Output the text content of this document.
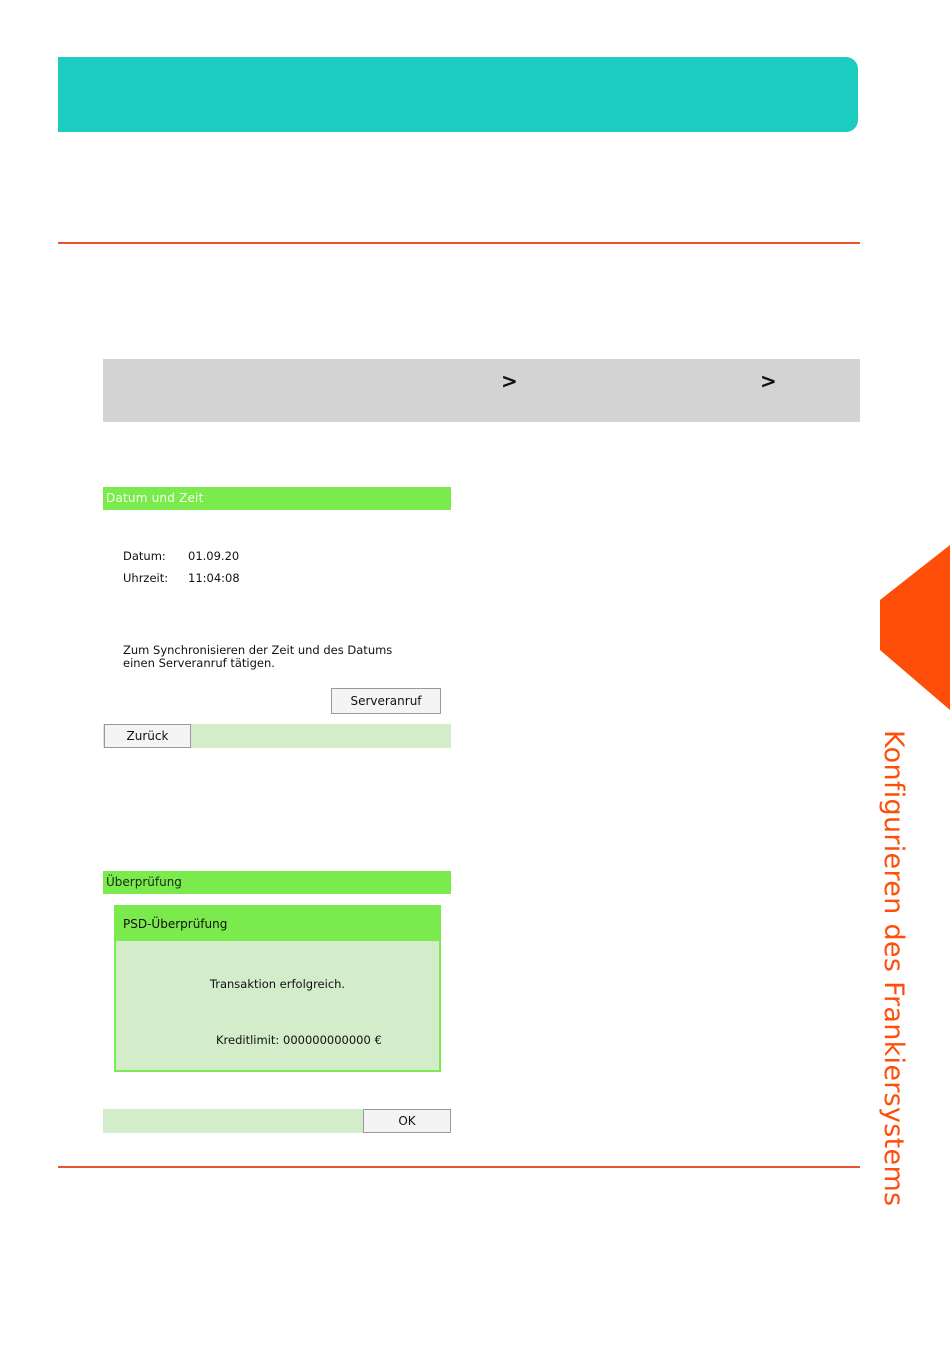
>	>
Datum und Zeit
Datum: 01.09.20
Uhrzeit: 11:04:08
Zum Synchronisieren der Zeit und des Datums einen Serveranruf tätigen.
Serveranruf
Zurück
Überprüfung
PSD-Überprüfung
Transaktion erfolgreich.
Kreditlimit: 000000000000 €
OK	Konfigurieren des Frankiersystems
